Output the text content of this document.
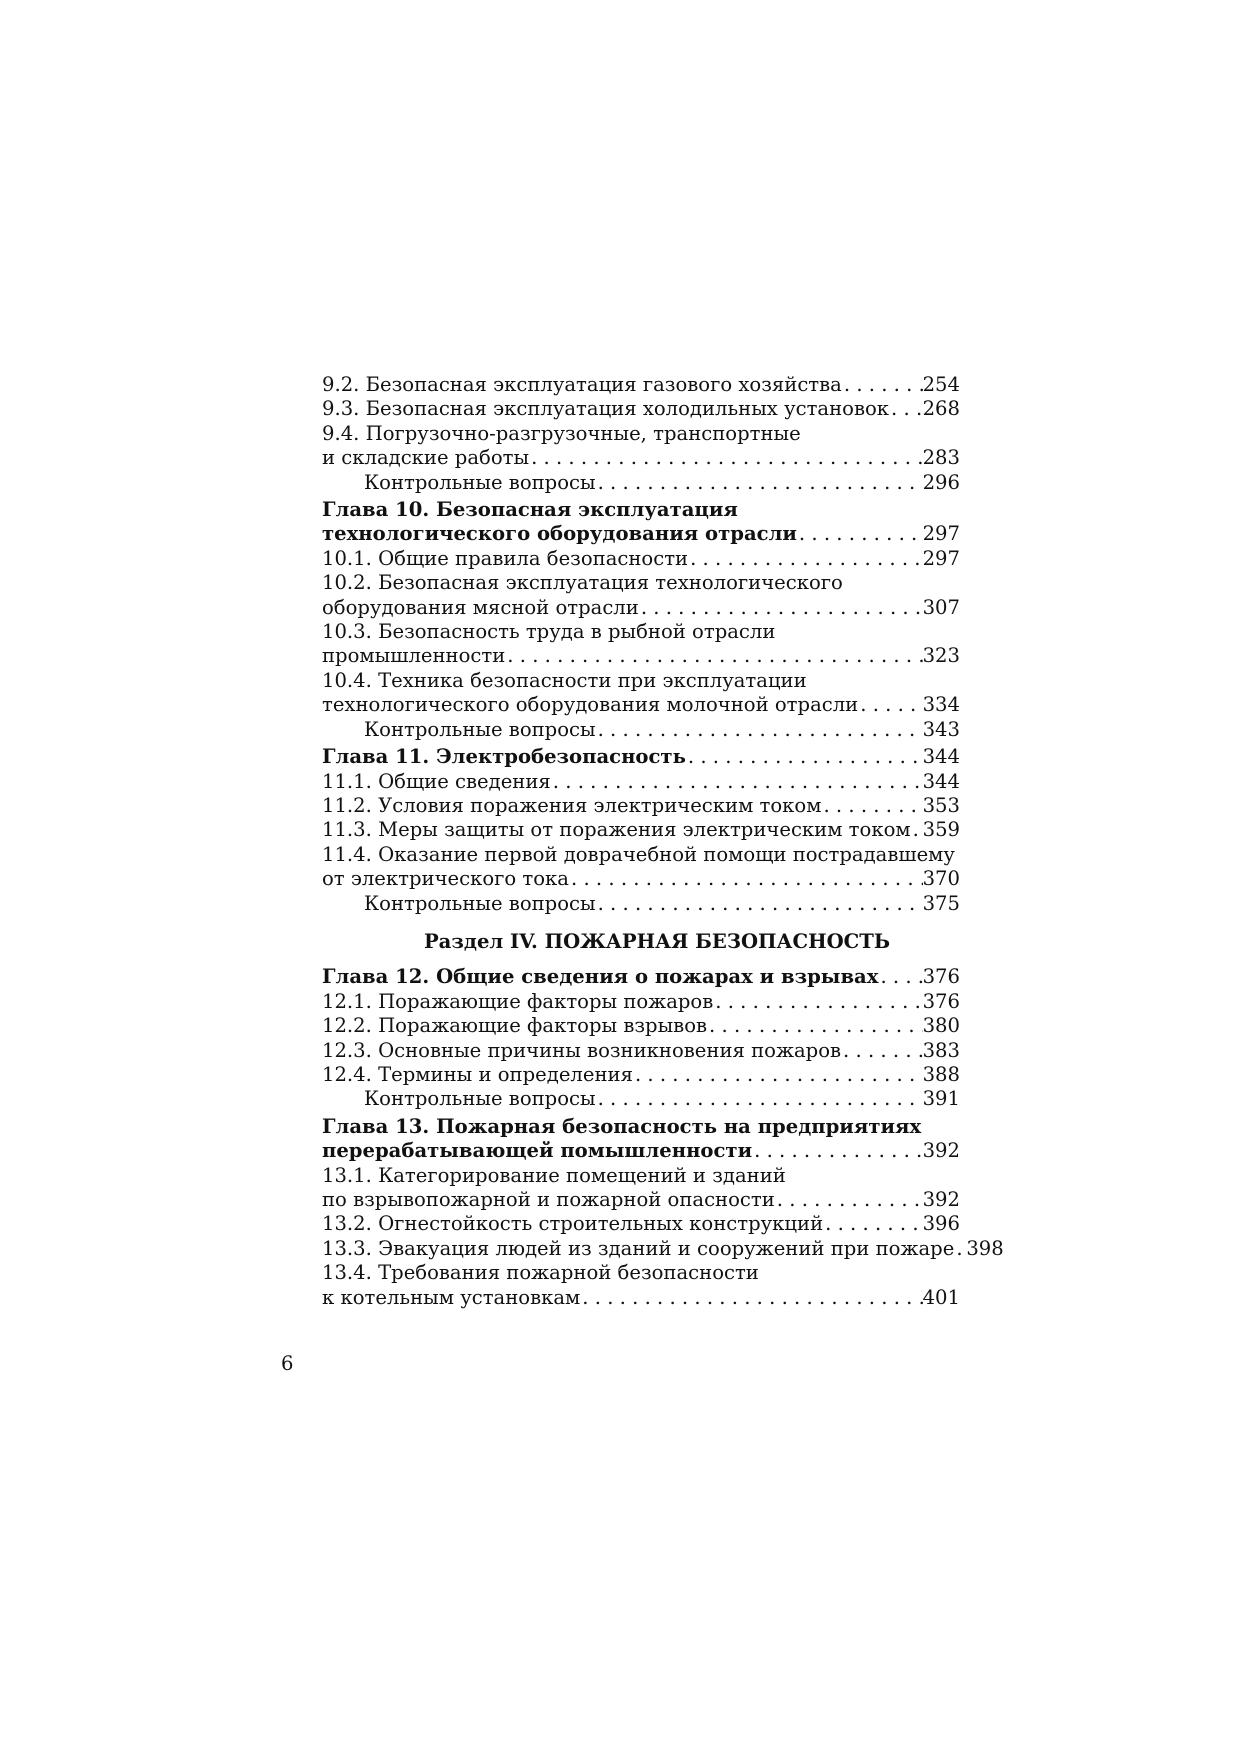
9.2. Безопасная эксплуатация газового хозяйства . . .	254
9.3. Безопасная эксплуатация холодильных установок . . . 268
9.4. Погрузочно-разгрузочные, транспортные
и складские работы . . .	283
Контрольные вопросы . . .	296
Глава 10. Безопасная эксплуатация
технологического оборудования отрасли . . .	297
10.1. Общие правила безопасности . . .	297
10.2. Безопасная эксплуатация технологического
оборудования мясной отрасли . . .	307
10.3. Безопасность труда в рыбной отрасли
промышленности . . .	323
10.4. Техника безопасности при эксплуатации
технологического оборудования молочной отрасли . . .	334
Контрольные вопросы . . .	343
Глава 11. Электробезопасность . . .	344
11.1. Общие сведения . . .	344
11.2. Условия поражения электрическим током . . .	353
11.3. Меры защиты от поражения электрическим током . . . 359
11.4. Оказание первой доврачебной помощи пострадавшему
от электрического тока . . .	370
Контрольные вопросы . . .	375
Раздел IV. ПОЖАРНАЯ БЕЗОПАСНОСТЬ
Глава 12. Общие сведения о пожарах и взрывах . . . 376
12.1. Поражающие факторы пожаров . . .	376
12.2. Поражающие факторы взрывов . . .	380
12.3. Основные причины возникновения пожаров . . .	383
12.4. Термины и определения . . .	388
Контрольные вопросы . . .	391
Глава 13. Пожарная безопасность на предприятиях
перерабатывающей помышленности . . .	392
13.1. Категорирование помещений и зданий
по взрывопожарной и пожарной опасности . . .	392
13.2. Огнестойкость строительных конструкций . . .	396
13.3. Эвакуация людей из зданий и сооружений при пожаре . . . 398
13.4. Требования пожарной безопасности
к котельным установкам . . .	401
6
